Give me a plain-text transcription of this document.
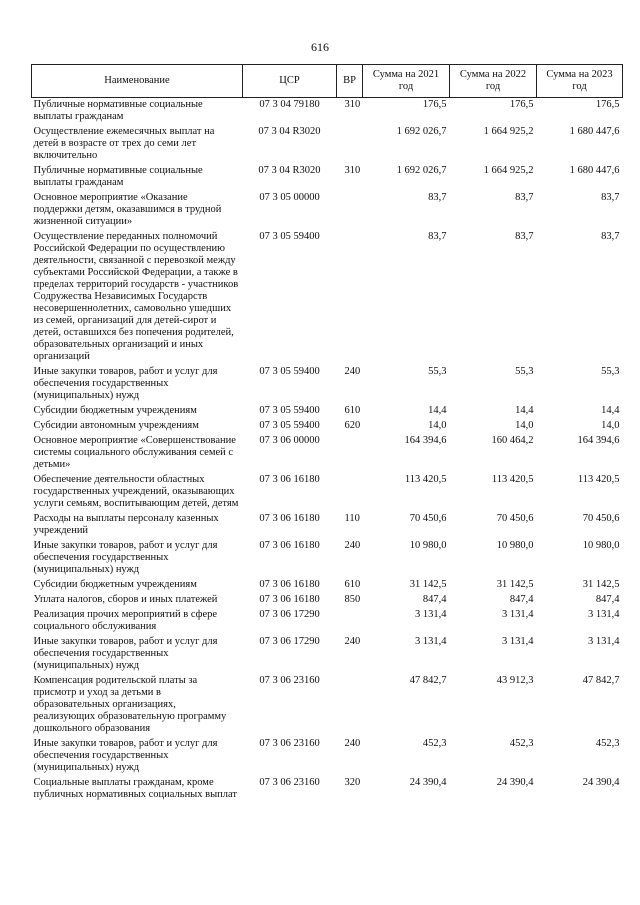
616
Наименование	ЦСР	ВР	Сумма на 2021 год	Сумма на 2022 год	Сумма на 2023 год
Публичные нормативные социальные выплаты гражданам	07 3 04 79180	310	176,5	176,5	176,5
Осуществление ежемесячных выплат на детей в возрасте от трех до семи лет включительно	07 3 04 R3020		1 692 026,7	1 664 925,2	1 680 447,6
Публичные нормативные социальные выплаты гражданам	07 3 04 R3020	310	1 692 026,7	1 664 925,2	1 680 447,6
Основное мероприятие «Оказание поддержки детям, оказавшимся в трудной жизненной ситуации»	07 3 05 00000		83,7	83,7	83,7
Осуществление переданных полномочий Российской Федерации по осуществлению деятельности, связанной с перевозкой между субъектами Российской Федерации, а также в пределах территорий государств - участников Содружества Независимых Государств несовершеннолетних, самовольно ушедших из семей, организаций для детей-сирот и детей, оставшихся без попечения родителей, образовательных организаций и иных организаций	07 3 05 59400		83,7	83,7	83,7
Иные закупки товаров, работ и услуг для обеспечения государственных (муниципальных) нужд	07 3 05 59400	240	55,3	55,3	55,3
Субсидии бюджетным учреждениям	07 3 05 59400	610	14,4	14,4	14,4
Субсидии автономным учреждениям	07 3 05 59400	620	14,0	14,0	14,0
Основное мероприятие «Совершенствование системы социального обслуживания семей с детьми»	07 3 06 00000		164 394,6	160 464,2	164 394,6
Обеспечение деятельности областных государственных учреждений, оказывающих услуги семьям, воспитывающим детей, детям	07 3 06 16180		113 420,5	113 420,5	113 420,5
Расходы на выплаты персоналу казенных учреждений	07 3 06 16180	110	70 450,6	70 450,6	70 450,6
Иные закупки товаров, работ и услуг для обеспечения государственных (муниципальных) нужд	07 3 06 16180	240	10 980,0	10 980,0	10 980,0
Субсидии бюджетным учреждениям	07 3 06 16180	610	31 142,5	31 142,5	31 142,5
Уплата налогов, сборов и иных платежей	07 3 06 16180	850	847,4	847,4	847,4
Реализация прочих мероприятий в сфере социального обслуживания	07 3 06 17290		3 131,4	3 131,4	3 131,4
Иные закупки товаров, работ и услуг для обеспечения государственных (муниципальных) нужд	07 3 06 17290	240	3 131,4	3 131,4	3 131,4
Компенсация родительской платы за присмотр и уход за детьми в образовательных организациях, реализующих образовательную программу дошкольного образования	07 3 06 23160		47 842,7	43 912,3	47 842,7
Иные закупки товаров, работ и услуг для обеспечения государственных (муниципальных) нужд	07 3 06 23160	240	452,3	452,3	452,3
Социальные выплаты гражданам, кроме публичных нормативных социальных выплат	07 3 06 23160	320	24 390,4	24 390,4	24 390,4
